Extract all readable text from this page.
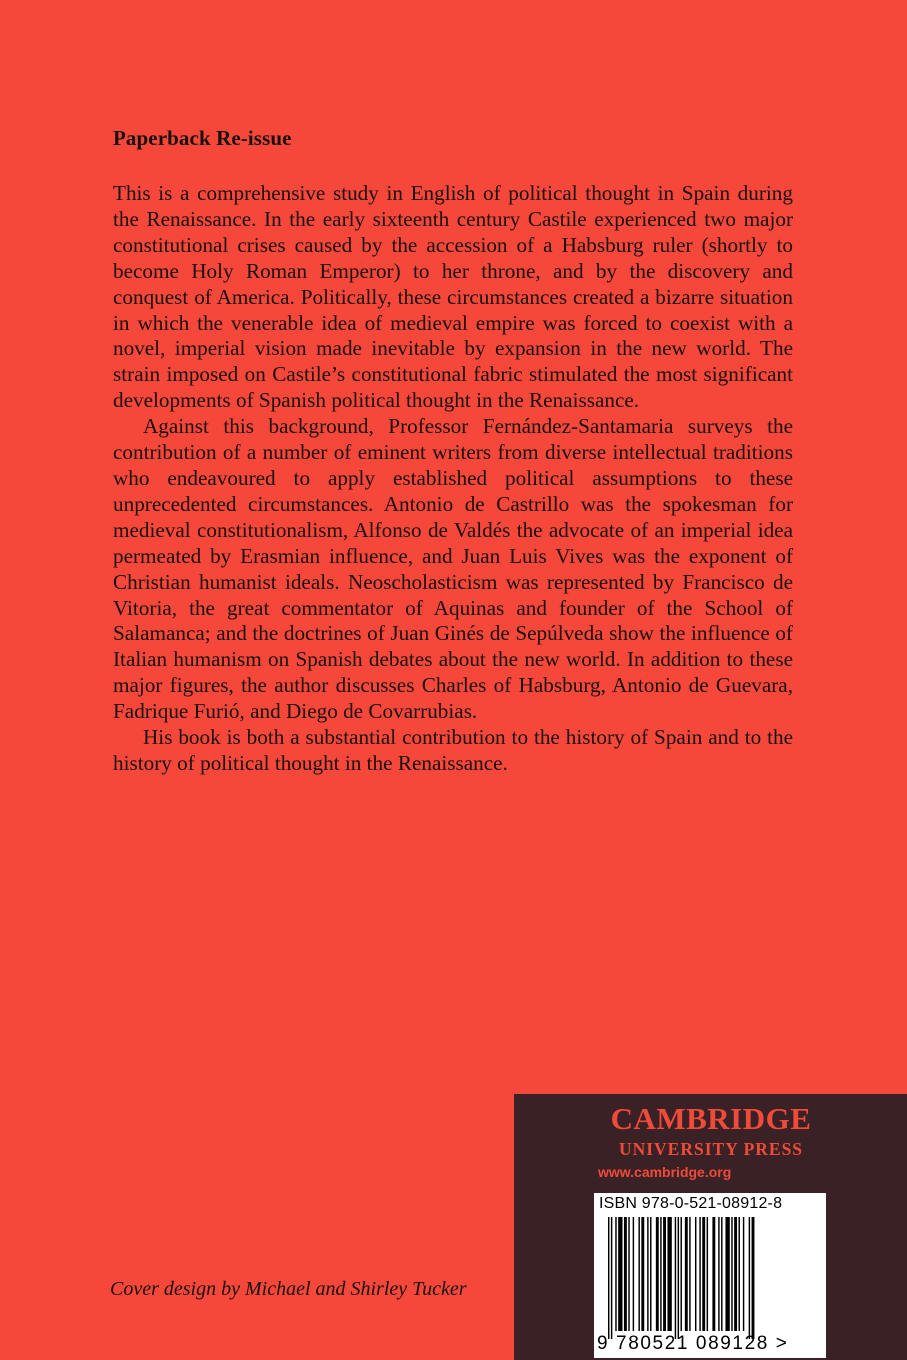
Paperback Re-issue

This is a comprehensive study in English of political thought in Spain during the Renaissance. In the early sixteenth century Castile experienced two major constitutional crises caused by the accession of a Habsburg ruler (shortly to become Holy Roman Emperor) to her throne, and by the discovery and conquest of America. Politically, these circumstances created a bizarre situation in which the venerable idea of medieval empire was forced to coexist with a novel, imperial vision made inevitable by expansion in the new world. The strain imposed on Castile’s constitutional fabric stimulated the most significant developments of Spanish political thought in the Renaissance.

Against this background, Professor Fernández-Santamaria surveys the contribution of a number of eminent writers from diverse intellectual traditions who endeavoured to apply established political assumptions to these unprecedented circumstances. Antonio de Castrillo was the spokesman for medieval constitutionalism, Alfonso de Valdés the advocate of an imperial idea permeated by Erasmian influence, and Juan Luis Vives was the exponent of Christian humanist ideals. Neoscholasticism was represented by Francisco de Vitoria, the great commentator of Aquinas and founder of the School of Salamanca; and the doctrines of Juan Ginés de Sepúlveda show the influence of Italian humanism on Spanish debates about the new world. In addition to these major figures, the author discusses Charles of Habsburg, Antonio de Guevara, Fadrique Furió, and Diego de Covarrubias.

His book is both a substantial contribution to the history of Spain and to the history of political thought in the Renaissance.

Cover design by Michael and Shirley Tucker
CAMBRIDGE
UNIVERSITY PRESS
www.cambridge.org
ISBN 978-0-521-08912-8
9 780521 089128 >
